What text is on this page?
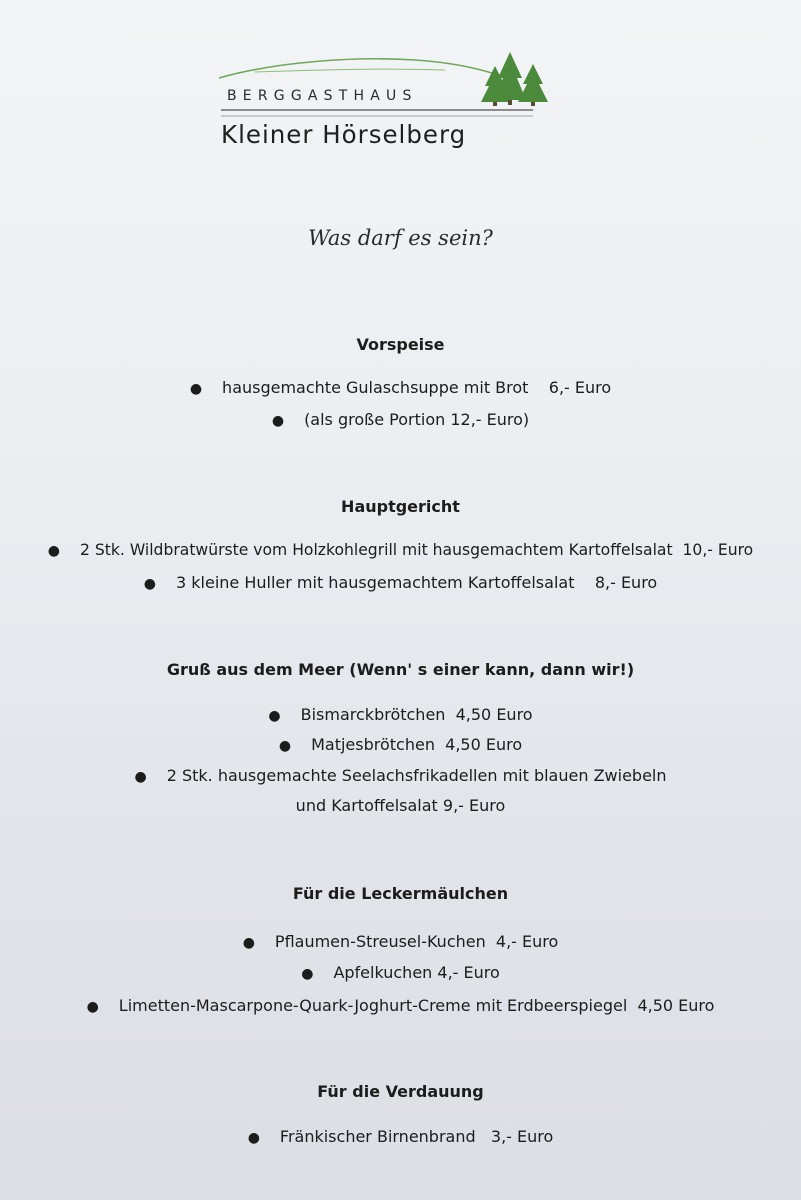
BERGGASTHAUS
Kleiner Hörselberg
Was darf es sein?
Vorspeise
● hausgemachte Gulaschsuppe mit Brot    6,- Euro
● (als große Portion 12,- Euro)
Hauptgericht
● 2 Stk. Wildbratwürste vom Holzkohlegrill mit hausgemachtem Kartoffelsalat  10,- Euro
● 3 kleine Huller mit hausgemachtem Kartoffelsalat    8,- Euro
Gruß aus dem Meer (Wenn' s einer kann, dann wir!)
● Bismarckbrötchen  4,50 Euro
● Matjesbrötchen  4,50 Euro
● 2 Stk. hausgemachte Seelachsfrikadellen mit blauen Zwiebeln
und Kartoffelsalat 9,- Euro
Für die Leckermäulchen
● Pflaumen-Streusel-Kuchen  4,- Euro
● Apfelkuchen 4,- Euro
● Limetten-Mascarpone-Quark-Joghurt-Creme mit Erdbeerspiegel  4,50 Euro
Für die Verdauung
● Fränkischer Birnenbrand   3,- Euro
